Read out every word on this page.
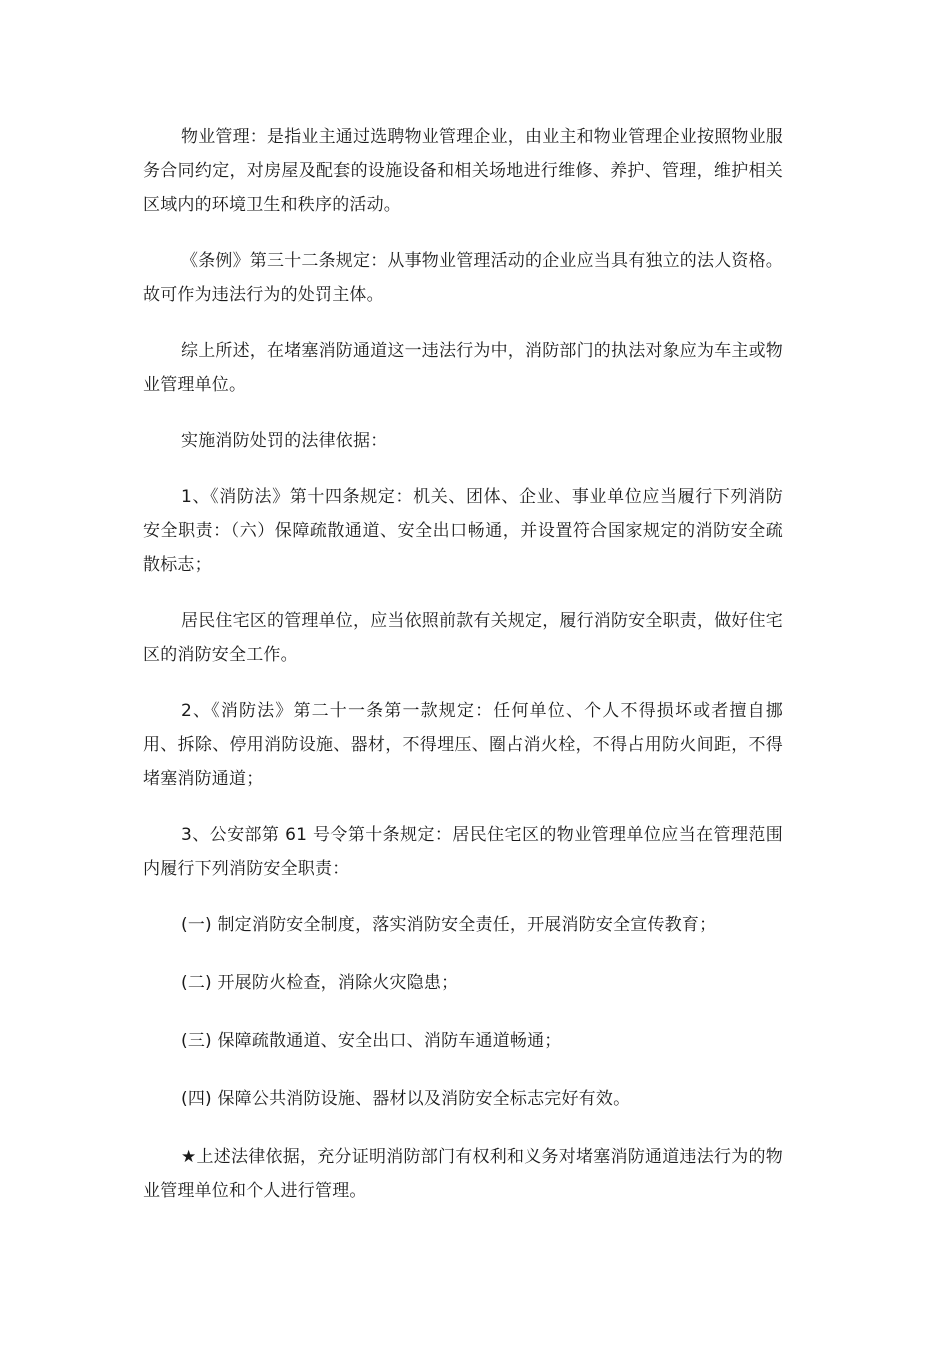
物业管理：是指业主通过选聘物业管理企业，由业主和物业管理企业按照物业服务合同约定，对房屋及配套的设施设备和相关场地进行维修、养护、管理，维护相关区域内的环境卫生和秩序的活动。

《条例》第三十二条规定：从事物业管理活动的企业应当具有独立的法人资格。故可作为违法行为的处罚主体。

综上所述，在堵塞消防通道这一违法行为中，消防部门的执法对象应为车主或物业管理单位。

实施消防处罚的法律依据：

1、《消防法》第十四条规定：机关、团体、企业、事业单位应当履行下列消防安全职责：（六）保障疏散通道、安全出口畅通，并设置符合国家规定的消防安全疏散标志；

居民住宅区的管理单位，应当依照前款有关规定，履行消防安全职责，做好住宅区的消防安全工作。

2、《消防法》第二十一条第一款规定：任何单位、个人不得损坏或者擅自挪用、拆除、停用消防设施、器材，不得埋压、圈占消火栓，不得占用防火间距，不得堵塞消防通道；

3、公安部第 61 号令第十条规定：居民住宅区的物业管理单位应当在管理范围内履行下列消防安全职责：

(一) 制定消防安全制度，落实消防安全责任，开展消防安全宣传教育；

(二) 开展防火检查，消除火灾隐患；

(三) 保障疏散通道、安全出口、消防车通道畅通；

(四) 保障公共消防设施、器材以及消防安全标志完好有效。

★上述法律依据，充分证明消防部门有权利和义务对堵塞消防通道违法行为的物业管理单位和个人进行管理。
